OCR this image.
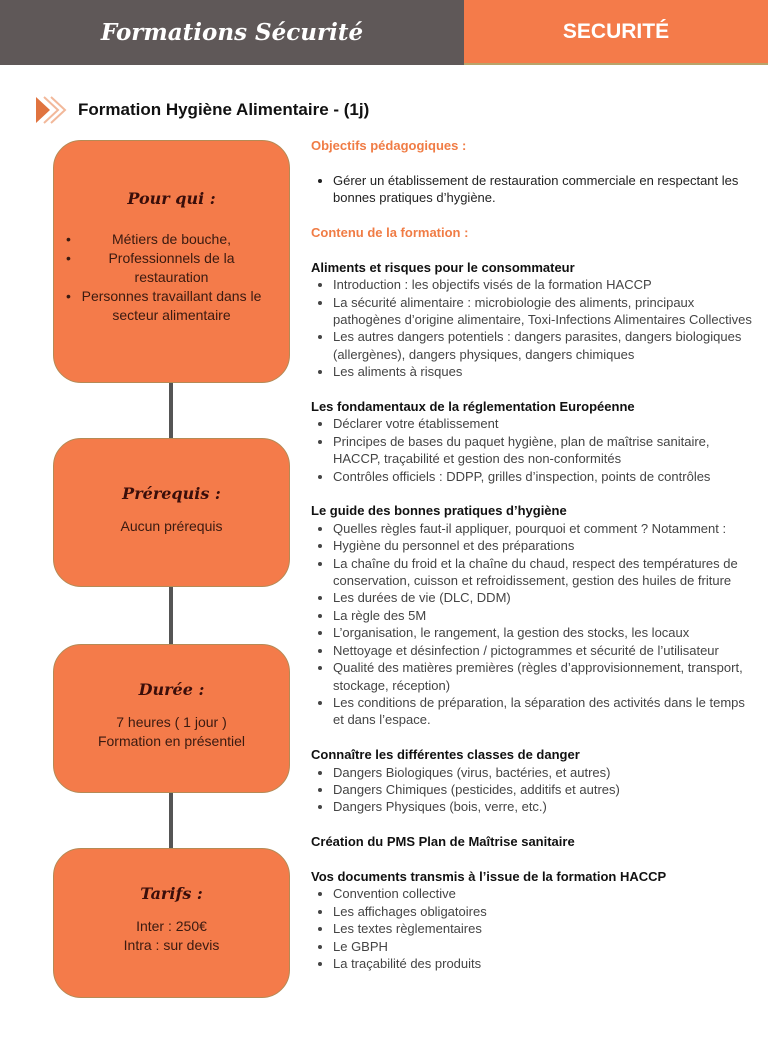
Formations Sécurité	SECURITÉ
Formation Hygiène Alimentaire - (1j)
Pour qui :
• Métiers de bouche,
• Professionnels de la restauration
• Personnes travaillant dans le secteur alimentaire
Prérequis :
Aucun prérequis
Durée :
7 heures ( 1 jour )
Formation en présentiel
Tarifs :
Inter : 250€
Intra : sur devis
Objectifs pédagogiques :
• Gérer un établissement de restauration commerciale en respectant les bonnes pratiques d’hygiène.
Contenu de la formation :
Aliments et risques pour le consommateur
• Introduction : les objectifs visés de la formation HACCP
• La sécurité alimentaire : microbiologie des aliments, principaux pathogènes d’origine alimentaire, Toxi-Infections Alimentaires Collectives
• Les autres dangers potentiels : dangers parasites, dangers biologiques (allergènes), dangers physiques, dangers chimiques
• Les aliments à risques
Les fondamentaux de la réglementation Européenne
• Déclarer votre établissement
• Principes de bases du paquet hygiène, plan de maîtrise sanitaire, HACCP, traçabilité et gestion des non-conformités
• Contrôles officiels : DDPP, grilles d’inspection, points de contrôles
Le guide des bonnes pratiques d’hygiène
• Quelles règles faut-il appliquer, pourquoi et comment ? Notamment :
• Hygiène du personnel et des préparations
• La chaîne du froid et la chaîne du chaud, respect des températures de conservation, cuisson et refroidissement, gestion des huiles de friture
• Les durées de vie (DLC, DDM)
• La règle des 5M
• L’organisation, le rangement, la gestion des stocks, les locaux
• Nettoyage et désinfection / pictogrammes et sécurité de l’utilisateur
• Qualité des matières premières (règles d’approvisionnement, transport, stockage, réception)
• Les conditions de préparation, la séparation des activités dans le temps et dans l’espace.
Connaître les différentes classes de danger
• Dangers Biologiques (virus, bactéries, et autres)
• Dangers Chimiques (pesticides, additifs et autres)
• Dangers Physiques (bois, verre, etc.)
Création du PMS Plan de Maîtrise sanitaire
Vos documents transmis à l’issue de la formation HACCP
• Convention collective
• Les affichages obligatoires
• Les textes règlementaires
• Le GBPH
• La traçabilité des produits
